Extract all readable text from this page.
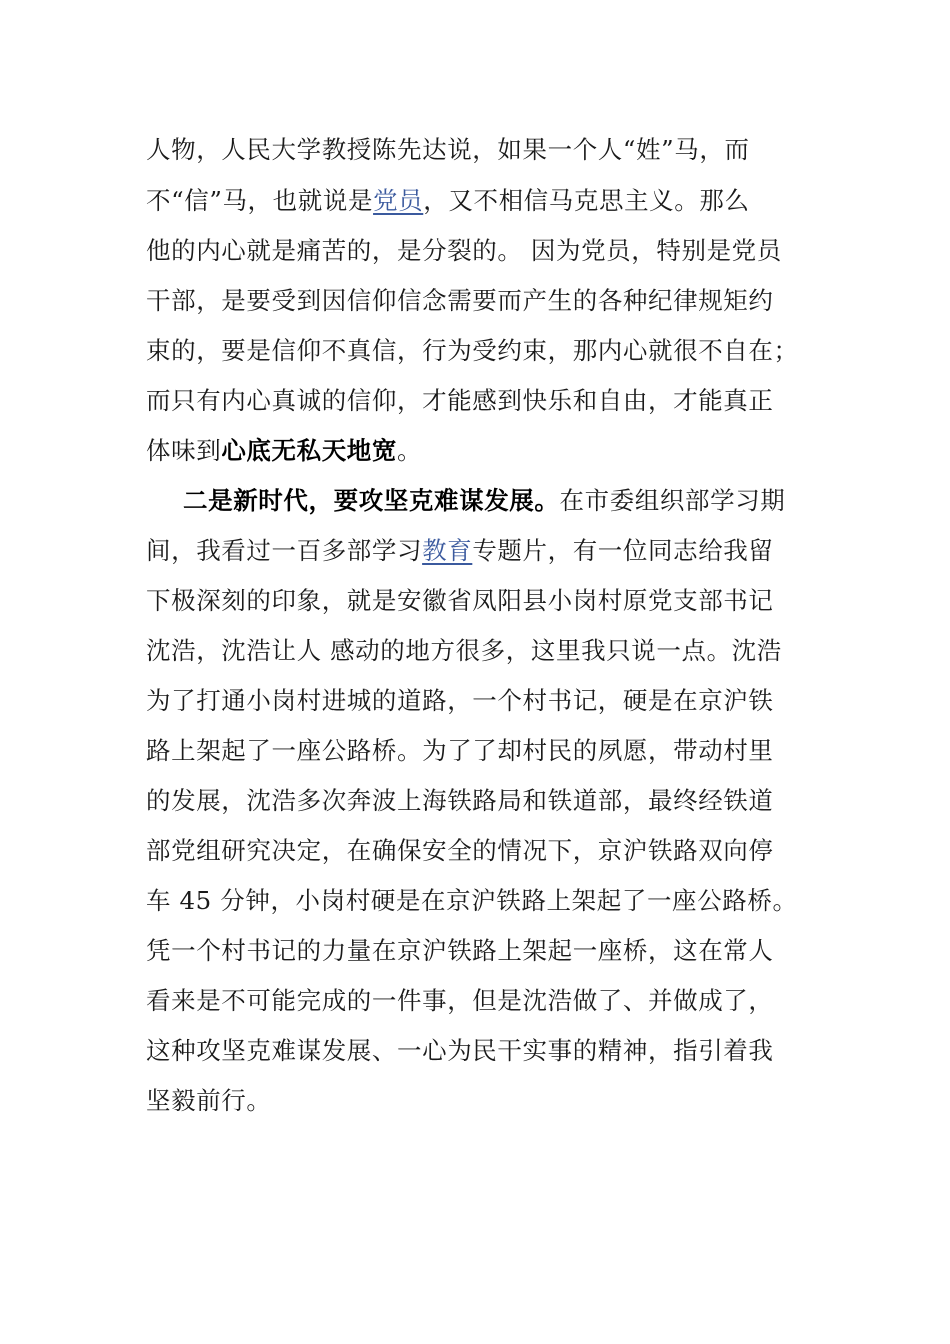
人物，人民大学教授陈先达说，如果一个人“姓”马，而
不“信”马，也就说是党员，又不相信马克思主义。那么
他的内心就是痛苦的，是分裂的。 因为党员，特别是党员
干部，是要受到因信仰信念需要而产生的各种纪律规矩约
束的，要是信仰不真信，行为受约束，那内心就很不自在；
而只有内心真诚的信仰，才能感到快乐和自由，才能真正
体味到心底无私天地宽。
二是新时代，要攻坚克难谋发展。在市委组织部学习期
间，我看过一百多部学习教育专题片，有一位同志给我留
下极深刻的印象，就是安徽省凤阳县小岗村原党支部书记
沈浩，沈浩让人 感动的地方很多，这里我只说一点。沈浩
为了打通小岗村进城的道路，一个村书记，硬是在京沪铁
路上架起了一座公路桥。为了了却村民的夙愿，带动村里
的发展，沈浩多次奔波上海铁路局和铁道部，最终经铁道
部党组研究决定，在确保安全的情况下，京沪铁路双向停
车 45 分钟，小岗村硬是在京沪铁路上架起了一座公路桥。
凭一个村书记的力量在京沪铁路上架起一座桥，这在常人
看来是不可能完成的一件事，但是沈浩做了、并做成了，
这种攻坚克难谋发展、一心为民干实事的精神，指引着我
坚毅前行。
